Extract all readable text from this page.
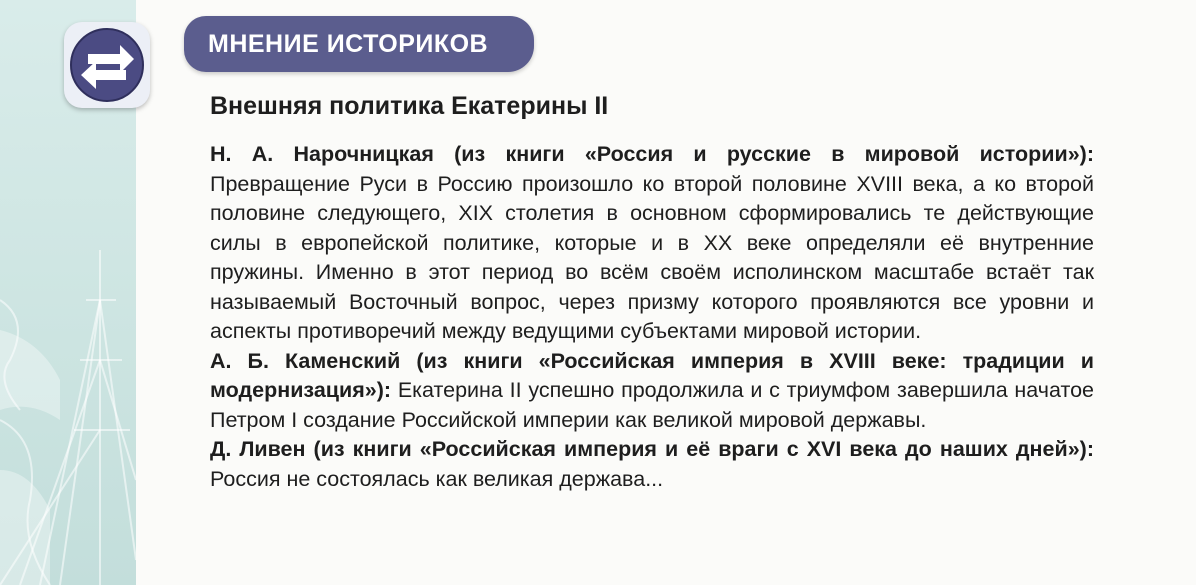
МНЕНИЕ ИСТОРИКОВ
Внешняя политика Екатерины II
Н. А. Нарочницкая (из книги «Россия и русские в мировой истории»): Превращение Руси в Россию произошло ко второй половине XVIII века, а ко второй половине следующего, XIX столетия в основном сформировались те действующие силы в европейской политике, которые и в XX веке определяли её внутренние пружины. Именно в этот период во всём своём исполинском масштабе встаёт так называемый Восточный вопрос, через призму которого проявляются все уровни и аспекты противоречий между ведущими субъектами мировой истории.
А. Б. Каменский (из книги «Российская империя в XVIII веке: традиции и модернизация»): Екатерина II успешно продолжила и с триумфом завершила начатое Петром I создание Российской империи как великой мировой державы.
Д. Ливен (из книги «Российская империя и её враги с XVI века до наших дней»): Россия не состоялась как великая держава...
